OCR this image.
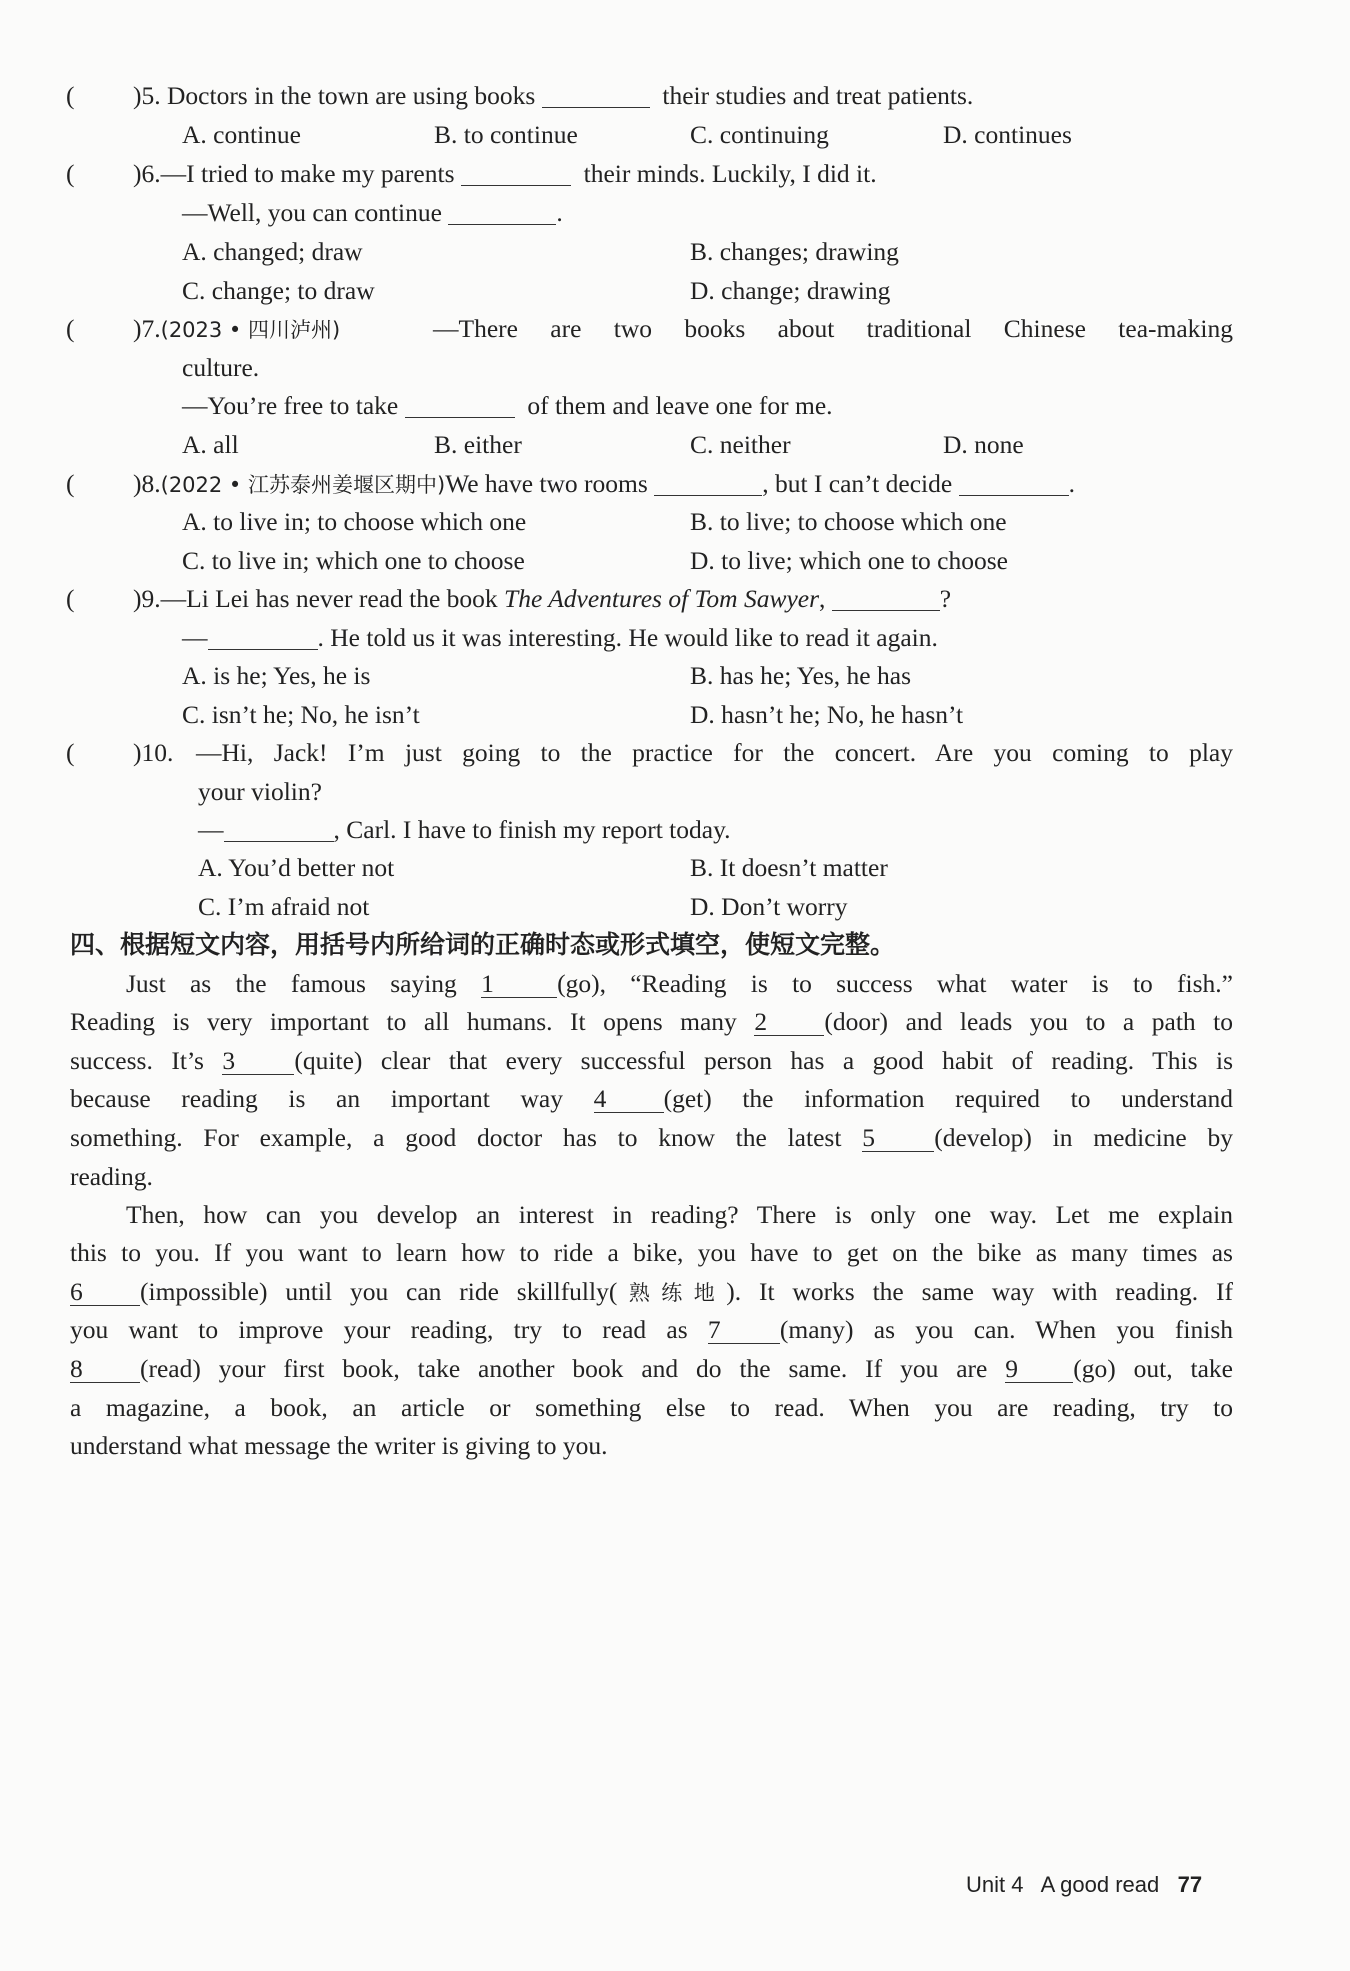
( )5. Doctors in the town are using books	their studies and treat patients.
A. continue	B. to continue	C. continuing	D. continues
( )6.—I tried to make my parents	their minds. Luckily, I did it.
—Well, you can continue	.
A. changed; draw	B. changes; drawing
C. change; to draw	D. change; drawing
( )7.(2023 • 四川泸州)	—There are two books about traditional Chinese tea-making
culture.
—You’re free to take	of them and leave one for me.
A. all	B. either	C. neither	D. none
( )8.(2022 • 江苏泰州姜堰区期中)We have two rooms	, but I can’t decide	.
A. to live in; to choose which one	B. to live; to choose which one
C. to live in; which one to choose	D. to live; which one to choose
( )9.—Li Lei has never read the book The Adventures of Tom Sawyer,	?
—	. He told us it was interesting. He would like to read it again.
A. is he; Yes, he is	B. has he; Yes, he has
C. isn’t he; No, he isn’t	D. hasn’t he; No, he hasn’t
( )10. —Hi, Jack! I’m just going to the practice for the concert. Are you coming to play
your violin?
—	, Carl. I have to finish my report today.
A. You’d better not	B. It doesn’t matter
C. I’m afraid not	D. Don’t worry
四、根据短文内容，用括号内所给词的正确时态或形式填空，使短文完整。
Just as the famous saying 1 (go), “Reading is to success what water is to fish.”
Reading is very important to all humans. It opens many 2 (door) and leads you to a path to
success. It’s 3 (quite) clear that every successful person has a good habit of reading. This is
because reading is an important way 4 (get) the information required to understand
something. For example, a good doctor has to know the latest 5 (develop) in medicine by
reading.
Then, how can you develop an interest in reading? There is only one way. Let me explain
this to you. If you want to learn how to ride a bike, you have to get on the bike as many times as
6 (impossible) until you can ride skillfully(熟练地). It works the same way with reading. If
you want to improve your reading, try to read as 7 (many) as you can. When you finish
8 (read) your first book, take another book and do the same. If you are 9 (go) out, take
a magazine, a book, an article or something else to read. When you are reading, try to
understand what message the writer is giving to you.
Unit 4 A good read 77
